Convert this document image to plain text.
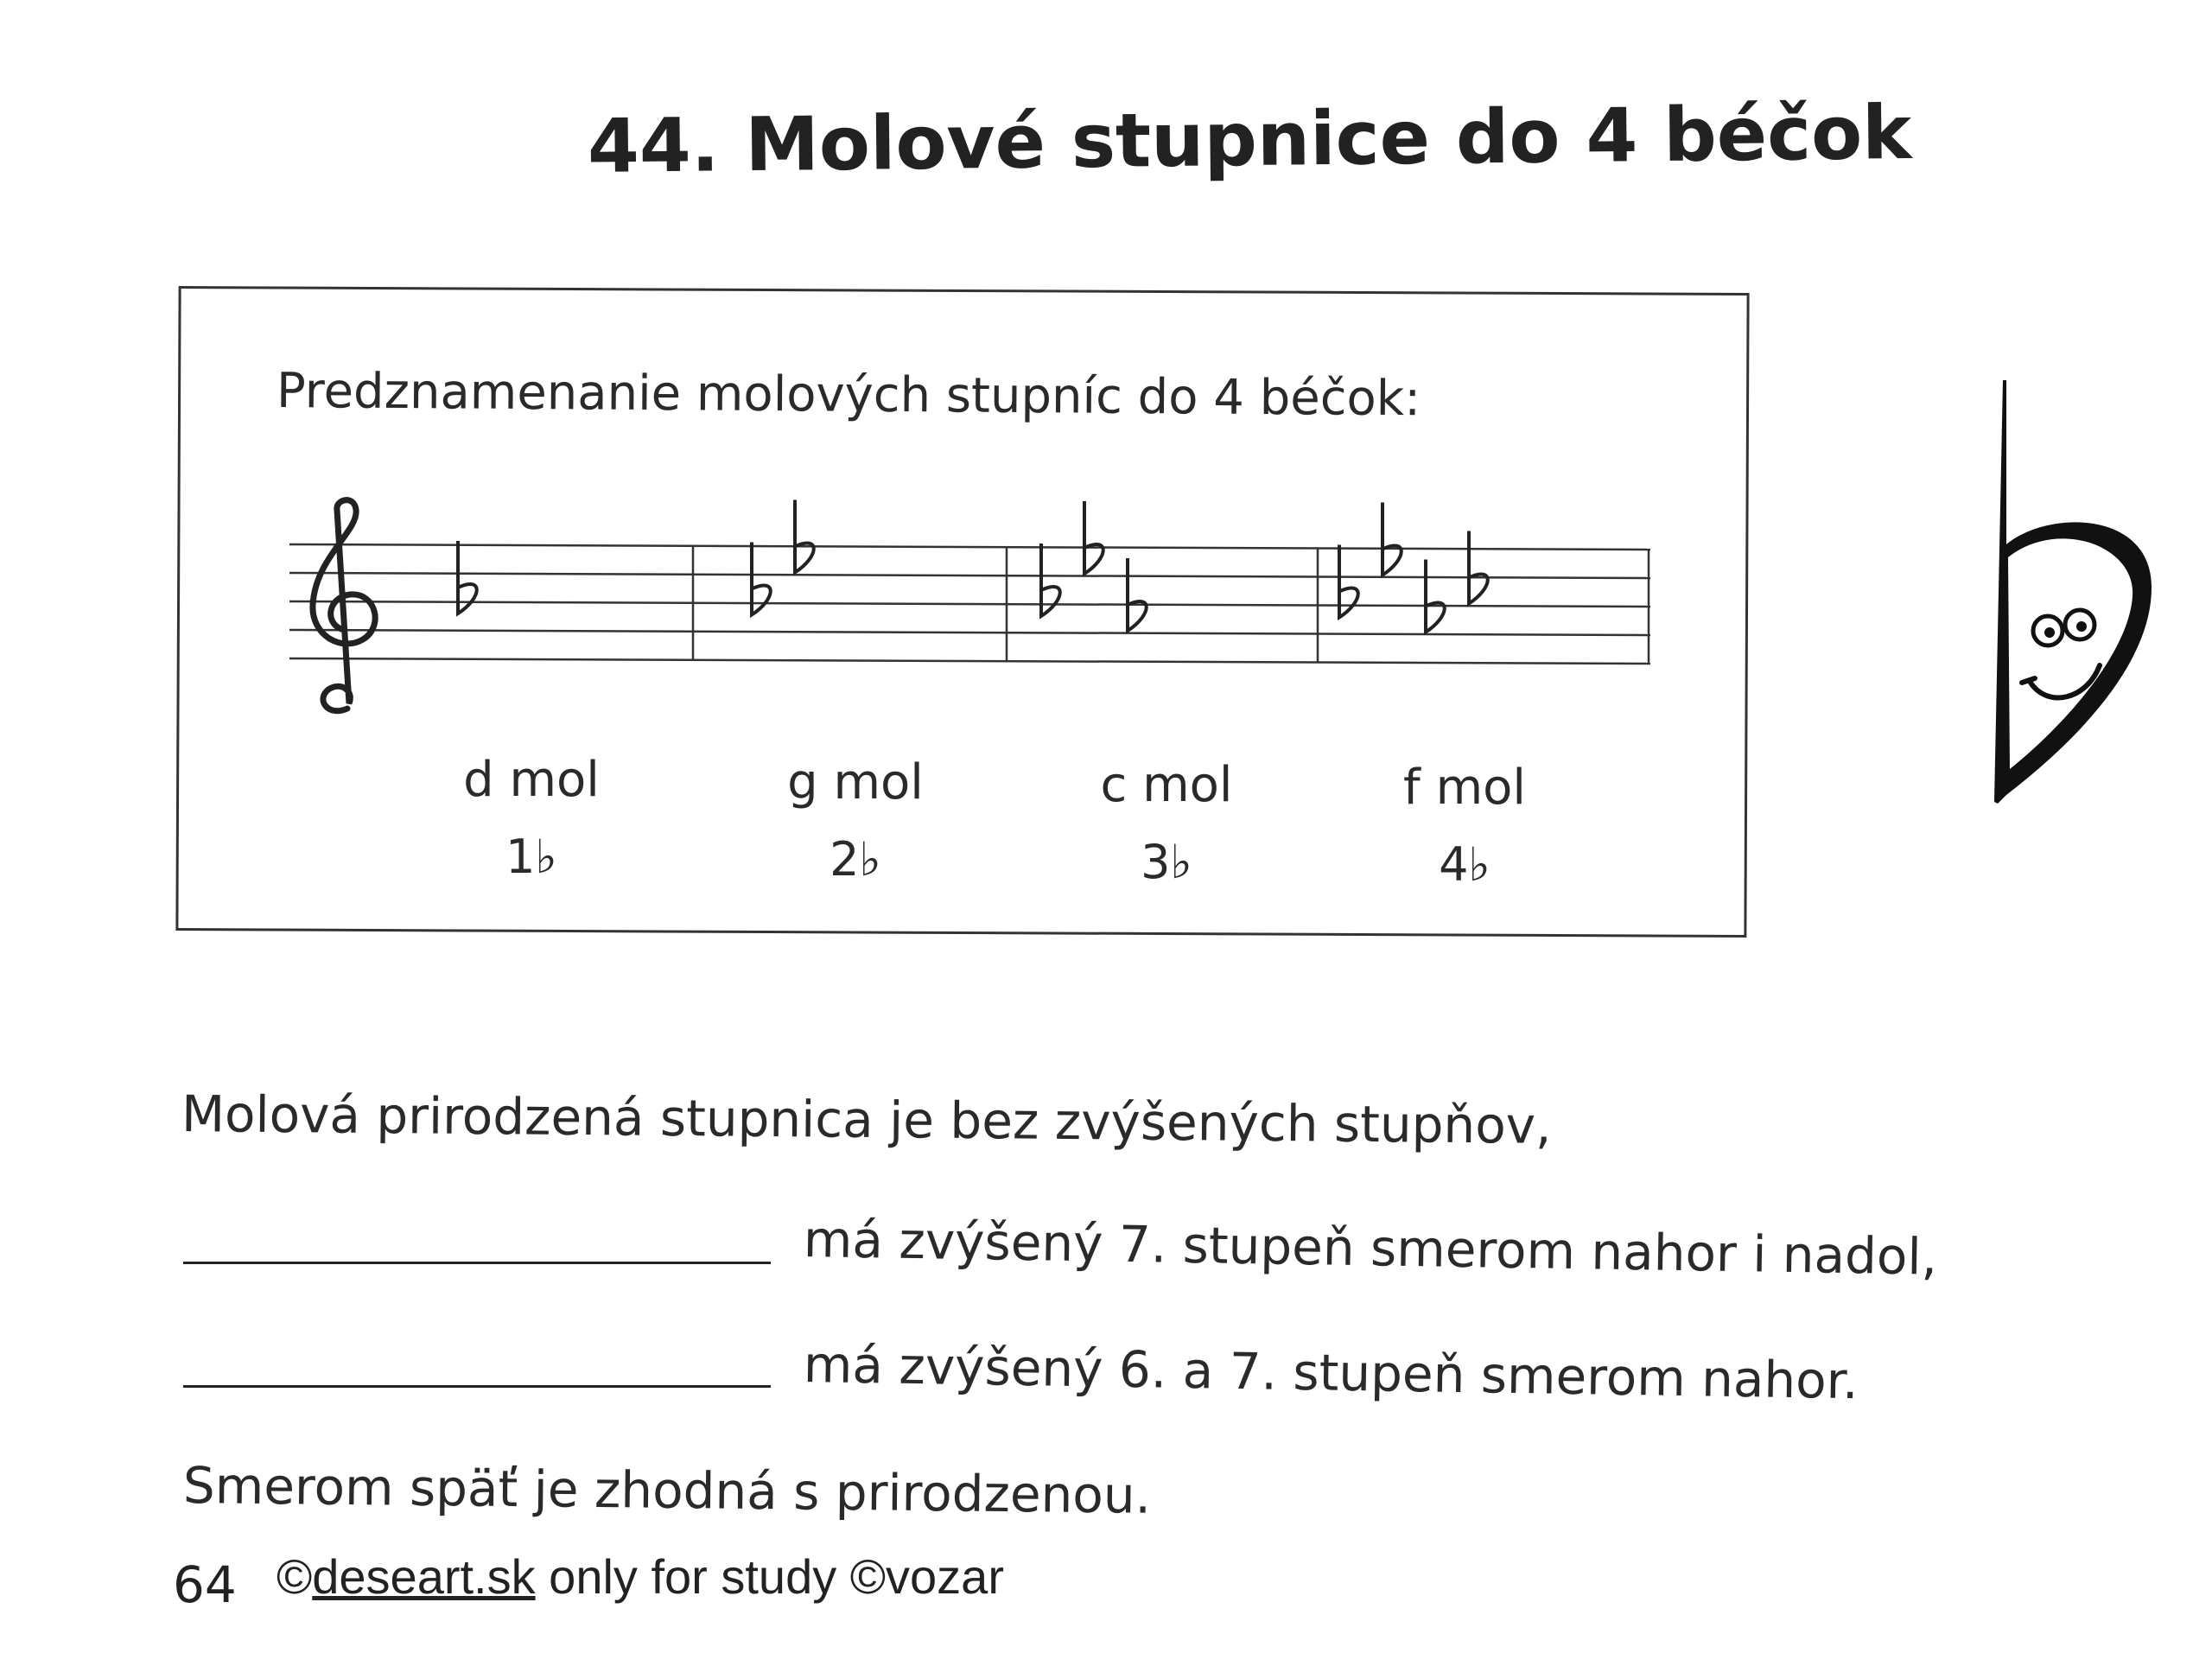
44. Molové stupnice do 4 béčok
Predznamenanie molových stupníc do 4 béčok:
d mol	g mol	c mol	f mol
1♭	2♭	3♭	4♭
Molová prirodzená stupnica je bez zvýšených stupňov,
má zvýšený 7. stupeň smerom nahor i nadol,
má zvýšený 6. a 7. stupeň smerom nahor.
Smerom späť je zhodná s prirodzenou.
64 ©deseart.sk only for study ©vozar
